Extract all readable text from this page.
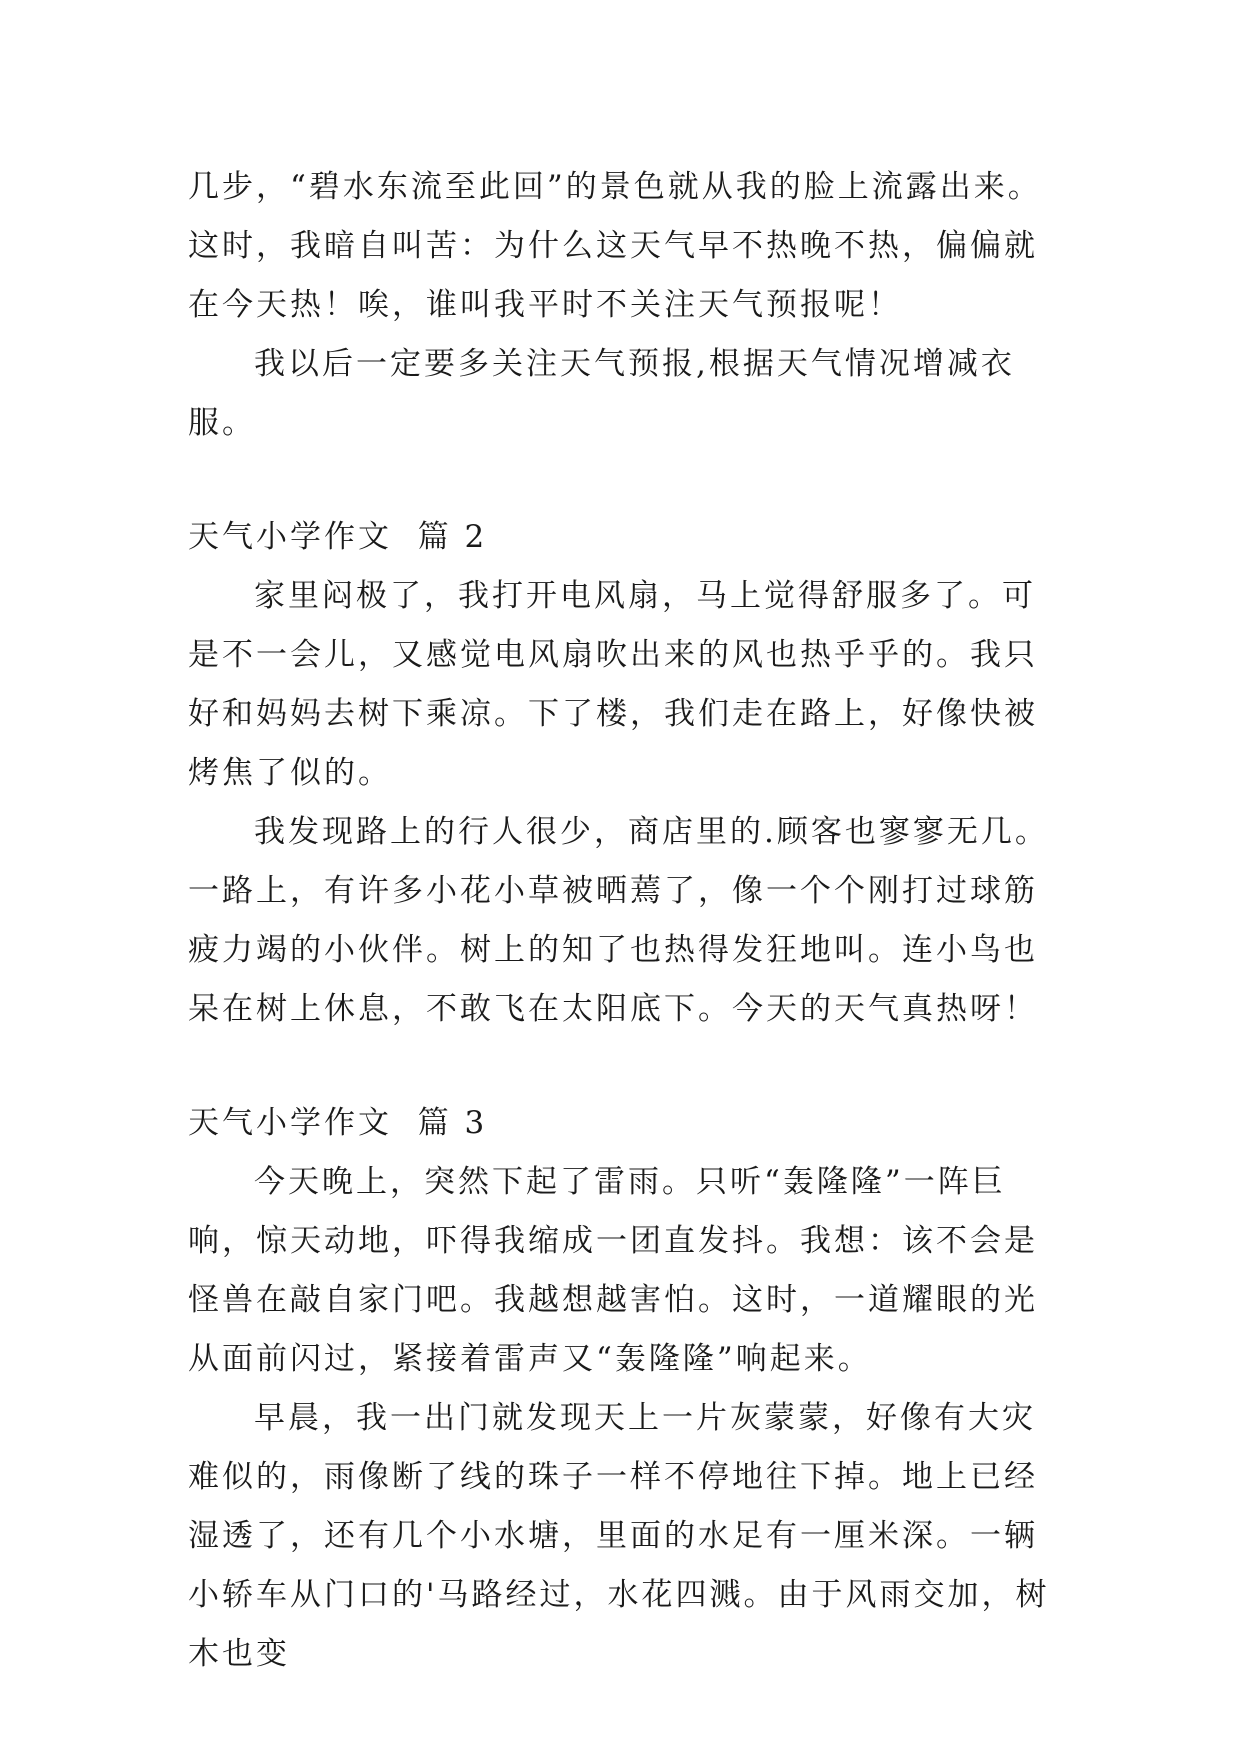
几步，“碧水东流至此回”的景色就从我的脸上流露出来。这时，我暗自叫苦：为什么这天气早不热晚不热，偏偏就在今天热！唉，谁叫我平时不关注天气预报呢！

我以后一定要多关注天气预报,根据天气情况增减衣服。

天气小学作文  篇 2

家里闷极了，我打开电风扇，马上觉得舒服多了。可是不一会儿，又感觉电风扇吹出来的风也热乎乎的。我只好和妈妈去树下乘凉。下了楼，我们走在路上，好像快被烤焦了似的。

我发现路上的行人很少，商店里的.顾客也寥寥无几。一路上，有许多小花小草被晒蔫了，像一个个刚打过球筋疲力竭的小伙伴。树上的知了也热得发狂地叫。连小鸟也呆在树上休息，不敢飞在太阳底下。今天的天气真热呀！

天气小学作文  篇 3

今天晚上，突然下起了雷雨。只听“轰隆隆”一阵巨响，惊天动地，吓得我缩成一团直发抖。我想：该不会是怪兽在敲自家门吧。我越想越害怕。这时，一道耀眼的光从面前闪过，紧接着雷声又“轰隆隆”响起来。

早晨，我一出门就发现天上一片灰蒙蒙，好像有大灾难似的，雨像断了线的珠子一样不停地往下掉。地上已经湿透了，还有几个小水塘，里面的水足有一厘米深。一辆小轿车从门口的'马路经过，水花四溅。由于风雨交加，树木也变
